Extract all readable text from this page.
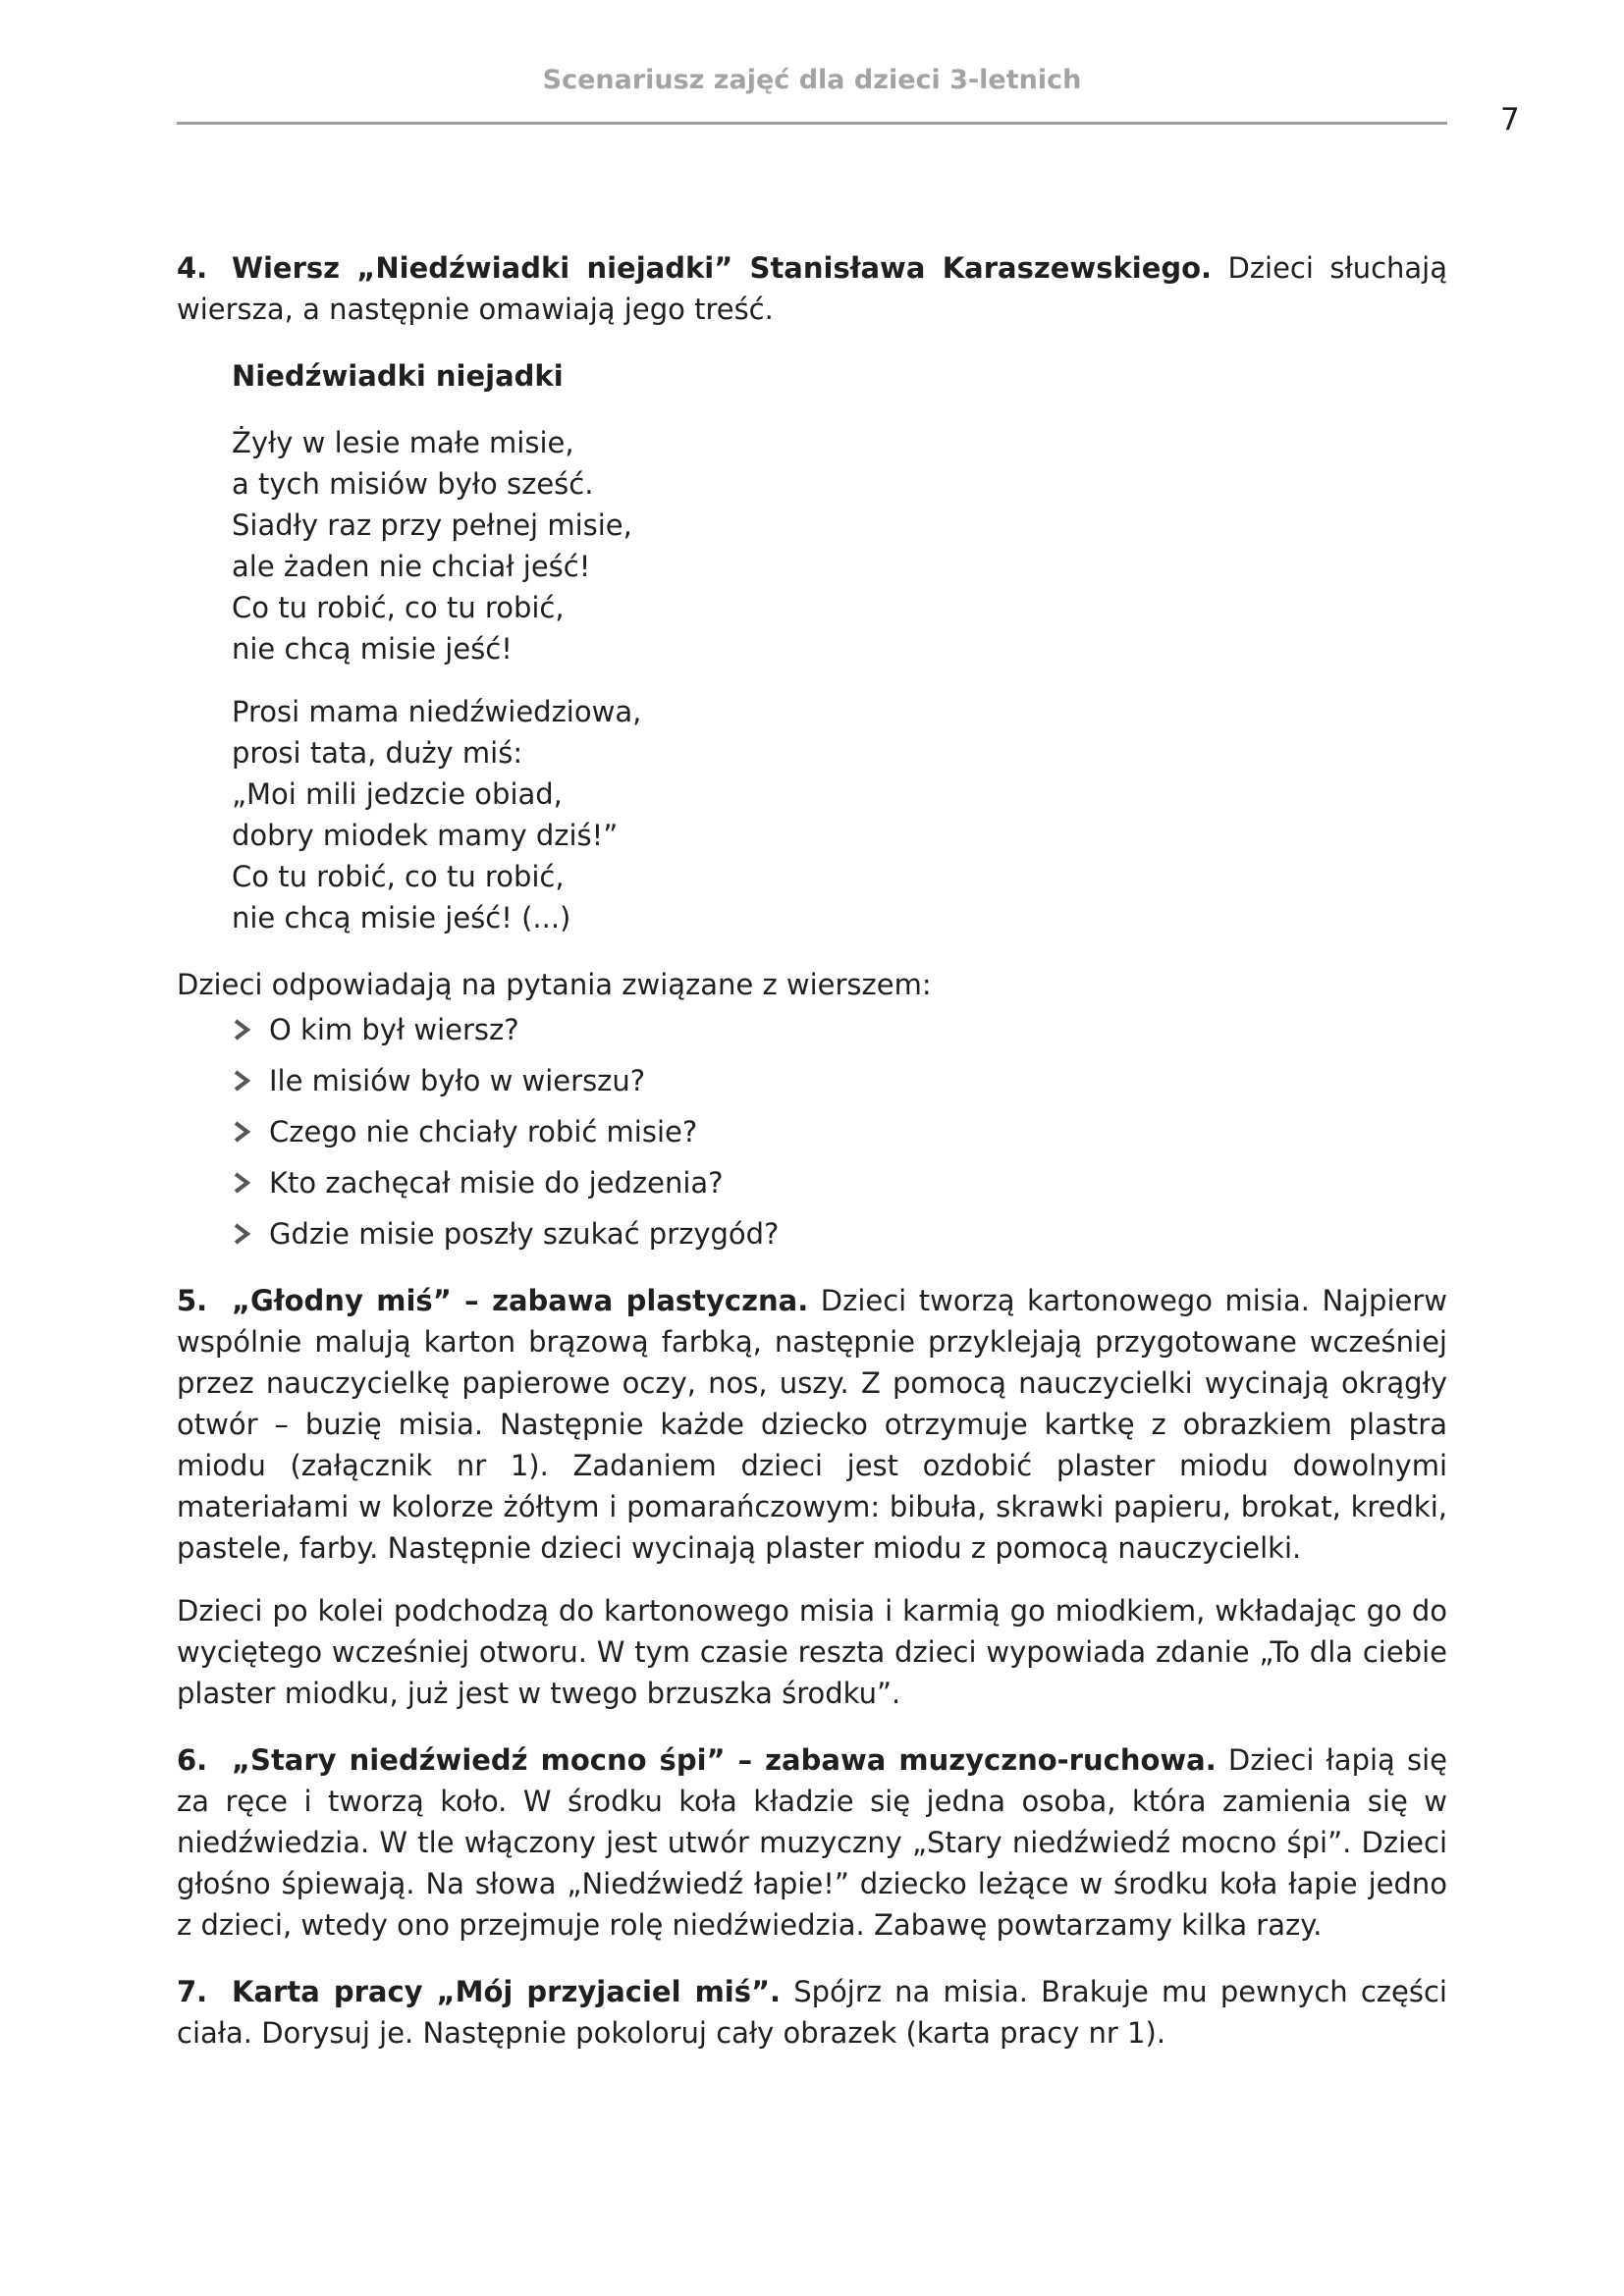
Scenariusz zajęć dla dzieci 3-letnich
7

4. Wiersz „Niedźwiadki niejadki” Stanisława Karaszewskiego. Dzieci słuchają wiersza, a następnie omawiają jego treść.

Niedźwiadki niejadki

Żyły w lesie małe misie,
a tych misiów było sześć.
Siadły raz przy pełnej misie,
ale żaden nie chciał jeść!
Co tu robić, co tu robić,
nie chcą misie jeść!
Prosi mama niedźwiedziowa,
prosi tata, duży miś:
„Moi mili jedzcie obiad,
dobry miodek mamy dziś!”
Co tu robić, co tu robić,
nie chcą misie jeść! (...)

Dzieci odpowiadają na pytania związane z wierszem:

O kim był wiersz?
Ile misiów było w wierszu?
Czego nie chciały robić misie?
Kto zachęcał misie do jedzenia?
Gdzie misie poszły szukać przygód?

5. „Głodny miś” – zabawa plastyczna. Dzieci tworzą kartonowego misia. Najpierw wspólnie malują karton brązową farbką, następnie przyklejają przygotowane wcześniej przez nauczycielkę papierowe oczy, nos, uszy. Z pomocą nauczycielki wycinają okrągły otwór – buzię misia. Następnie każde dziecko otrzymuje kartkę z obrazkiem plastra miodu (załącznik nr 1). Zadaniem dzieci jest ozdobić plaster miodu dowolnymi materiałami w kolorze żółtym i pomarańczowym: bibuła, skrawki papieru, brokat, kredki, pastele, farby. Następnie dzieci wycinają plaster miodu z pomocą nauczycielki.

Dzieci po kolei podchodzą do kartonowego misia i karmią go miodkiem, wkładając go do wyciętego wcześniej otworu. W tym czasie reszta dzieci wypowiada zdanie „To dla ciebie plaster miodku, już jest w twego brzuszka środku”.

6. „Stary niedźwiedź mocno śpi” – zabawa muzyczno-ruchowa. Dzieci łapią się za ręce i tworzą koło. W środku koła kładzie się jedna osoba, która zamienia się w niedźwiedzia. W tle włączony jest utwór muzyczny „Stary niedźwiedź mocno śpi”. Dzieci głośno śpiewają. Na słowa „Niedźwiedź łapie!” dziecko leżące w środku koła łapie jedno z dzieci, wtedy ono przejmuje rolę niedźwiedzia. Zabawę powtarzamy kilka razy.

7. Karta pracy „Mój przyjaciel miś”. Spójrz na misia. Brakuje mu pewnych części ciała. Dorysuj je. Następnie pokoloruj cały obrazek (karta pracy nr 1).
